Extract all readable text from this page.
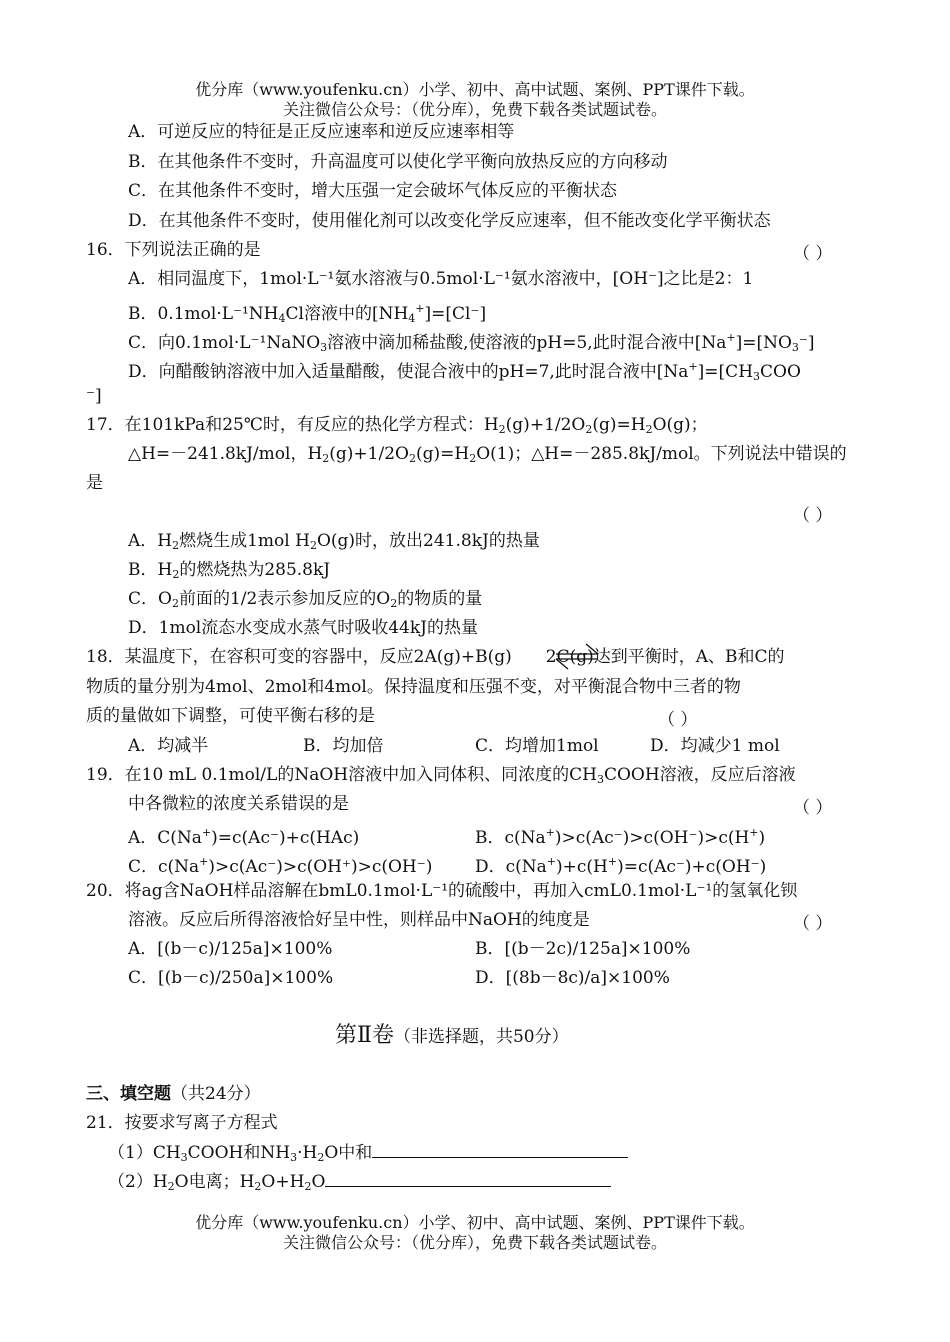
优分库（www.youfenku.cn）小学、初中、高中试题、案例、PPT课件下载。
关注微信公众号：（优分库），免费下载各类试题试卷。
A．可逆反应的特征是正反应速率和逆反应速率相等
B．在其他条件不变时，升高温度可以使化学平衡向放热反应的方向移动
C．在其他条件不变时，增大压强一定会破坏气体反应的平衡状态
D．在其他条件不变时，使用催化剂可以改变化学反应速率，但不能改变化学平衡状态
16．下列说法正确的是	（ ）
A．相同温度下，1mol·L⁻¹氨水溶液与0.5mol·L⁻¹氨水溶液中，[OH⁻]之比是2：1
B．$0.1mol\cdot L^{-1}NH_4Cl$溶液中的$[NH_4^+]=[Cl^-]$
C．向0.1mol·L⁻¹NaNO$_3$溶液中滴加稀盐酸,使溶液的pH=5,此时混合液中$[Na^+]=[NO_3^-]$
D．向醋酸钠溶液中加入适量醋酸，使混合液中的pH=7,此时混合液中$[Na^+]=[CH_3COO$
⁻]
17．在101kPa和25℃时，有反应的热化学方程式：$H_2(g)+1/2O_2(g)=H_2O(g)$；
△H=－241.8kJ/mol，$H_2(g)+1/2O_2(g)=H_2O(1)$；△H=－285.8kJ/mol。下列说法中错误的
是
（ ）
A．$H_2$燃烧生成1mol $H_2O(g)$时，放出241.8kJ的热量
B．$H_2$的燃烧热为285.8kJ
C．$O_2$前面的1/2表示参加反应的$O_2$的物质的量
D．1mol流态水变成水蒸气时吸收44kJ的热量
18．某温度下，在容积可变的容器中，反应2A(g)+B(g)　　2C(g)达到平衡时，A、B和C的
物质的量分别为4mol、2mol和4mol。保持温度和压强不变，对平衡混合物中三者的物
质的量做如下调整，可使平衡右移的是	（ ）
A．均减半	B．均加倍	C．均增加1mol	D．均减少1 mol
19．在10 mL 0.1mol/L的NaOH溶液中加入同体积、同浓度的$CH_3COOH$溶液，反应后溶液
中各微粒的浓度关系错误的是	（ ）
A．C(Na+)=c(Ac⁻)+c(HAc)	B．c(Na+)>c(Ac⁻)>c(OH⁻)>c(H+)
C．c(Na+)>c(Ac⁻)>c(OH⁺)>c(OH⁻)	D．c(Na+)+c(H+)=c(Ac⁻)+c(OH⁻)
20．将ag含NaOH样品溶解在bmL0.1mol·L⁻¹的硫酸中，再加入cmL0.1mol·L⁻¹的氢氧化钡
溶液。反应后所得溶液恰好呈中性，则样品中NaOH的纯度是	（ ）
A．[(b－c)/125a]×100%	B．[(b－2c)/125a]×100%
C．[(b－c)/250a]×100%	D．[(8b－8c)/a]×100%
第Ⅱ卷（非选择题，共50分）
三、填空题（共24分）
21．按要求写离子方程式
$(1)CH_3COOH$和$NH_3\cdot H_2O$中和
$(2)H_2O$电离；$H_2O+H_2O$
优分库（www.youfenku.cn）小学、初中、高中试题、案例、PPT课件下载。
关注微信公众号：（优分库），免费下载各类试题试卷。
